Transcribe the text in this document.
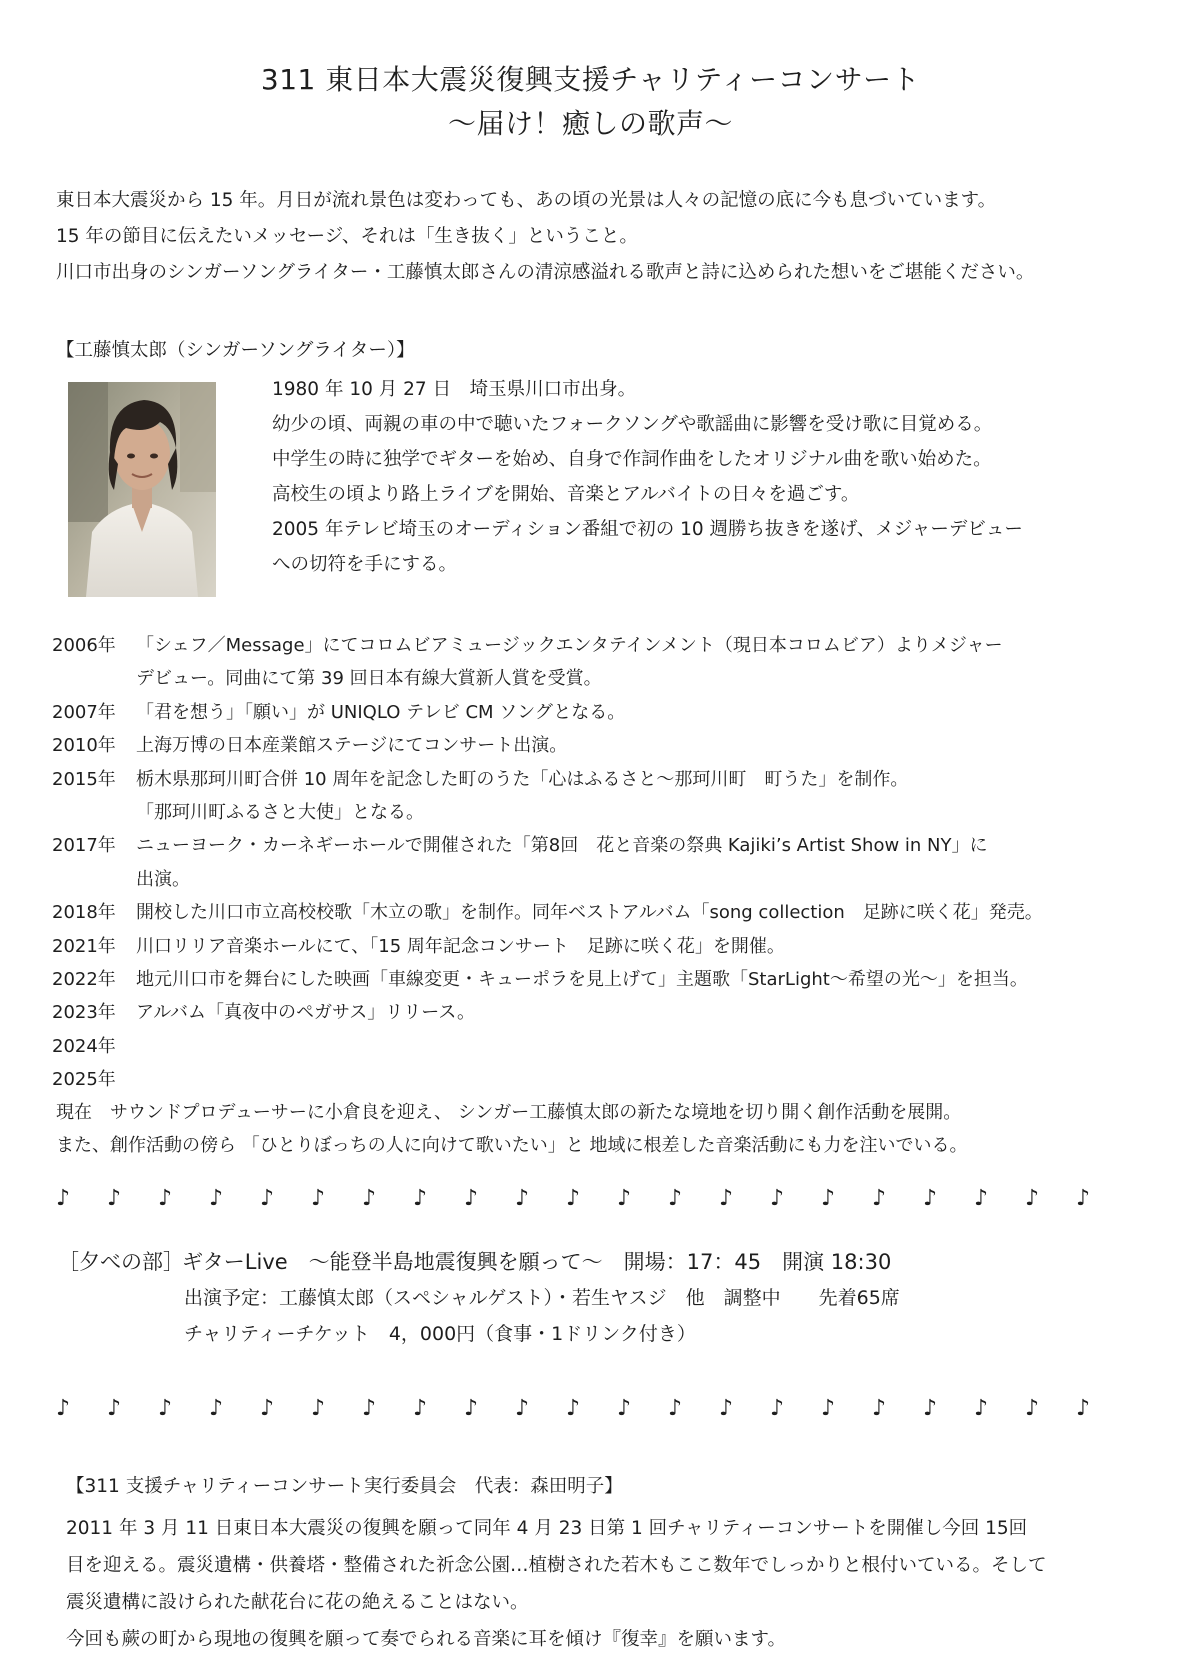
311 東日本大震災復興支援チャリティーコンサート
～届け！癒しの歌声～

東日本大震災から 15 年。月日が流れ景色は変わっても、あの頃の光景は人々の記憶の底に今も息づいています。

15 年の節目に伝えたいメッセージ、それは「生き抜く」ということ。

川口市出身のシンガーソングライター・工藤慎太郎さんの清涼感溢れる歌声と詩に込められた想いをご堪能ください。

【工藤慎太郎（シンガーソングライター）】

1980 年 10 月 27 日　埼玉県川口市出身。

幼少の頃、両親の車の中で聴いたフォークソングや歌謡曲に影響を受け歌に目覚める。

中学生の時に独学でギターを始め、自身で作詞作曲をしたオリジナル曲を歌い始めた。

高校生の頃より路上ライブを開始、音楽とアルバイトの日々を過ごす。

2005 年テレビ埼玉のオーディション番組で初の 10 週勝ち抜きを遂げ、メジャーデビュー

への切符を手にする。

2006年 「シェフ／Message」にてコロムビアミュージックエンタテインメント（現日本コロムビア）よりメジャー
デビュー。同曲にて第 39 回日本有線大賞新人賞を受賞。
2007年 「君を想う」「願い」が UNIQLO テレビ CM ソングとなる。
2010年 上海万博の日本産業館ステージにてコンサート出演。
2015年 栃木県那珂川町合併 10 周年を記念した町のうた「心はふるさと～那珂川町　町うた」を制作。
「那珂川町ふるさと大使」となる。
2017年 ニューヨーク・カーネギーホールで開催された「第8回　花と音楽の祭典 Kajiki’s Artist Show in NY」に
出演。
2018年 開校した川口市立高校校歌「木立の歌」を制作。同年ベストアルバム「song collection　足跡に咲く花」発売。
2021年 川口リリア音楽ホールにて、「15 周年記念コンサート　足跡に咲く花」を開催。
2022年 地元川口市を舞台にした映画「車線変更・キューポラを見上げて」主題歌「StarLight～希望の光～」を担当。
2023年 アルバム「真夜中のペガサス」リリース。
2024年
2025年

現在　サウンドプロデューサーに小倉良を迎え、 シンガー工藤慎太郎の新たな境地を切り開く創作活動を展開。

また、創作活動の傍ら 「ひとりぼっちの人に向けて歌いたい」と 地域に根差した音楽活動にも力を注いでいる。

♪ ♪ ♪ ♪ ♪ ♪ ♪ ♪ ♪ ♪ ♪ ♪ ♪ ♪ ♪ ♪ ♪ ♪ ♪ ♪ ♪
［夕べの部］ギターLive　～能登半島地震復興を願って～　開場：17：45　開演 18:30
出演予定：工藤慎太郎（スペシャルゲスト）・若生ヤスジ　他　調整中　　先着65席
チャリティーチケット　4，000円（食事・1ドリンク付き）
♪ ♪ ♪ ♪ ♪ ♪ ♪ ♪ ♪ ♪ ♪ ♪ ♪ ♪ ♪ ♪ ♪ ♪ ♪ ♪ ♪
【311 支援チャリティーコンサート実行委員会　代表：森田明子】

2011 年 3 月 11 日東日本大震災の復興を願って同年 4 月 23 日第 1 回チャリティーコンサートを開催し今回 15回

目を迎える。震災遺構・供養塔・整備された祈念公園…植樹された若木もここ数年でしっかりと根付いている。そして

震災遺構に設けられた献花台に花の絶えることはない。

今回も蕨の町から現地の復興を願って奏でられる音楽に耳を傾け『復幸』を願います。
